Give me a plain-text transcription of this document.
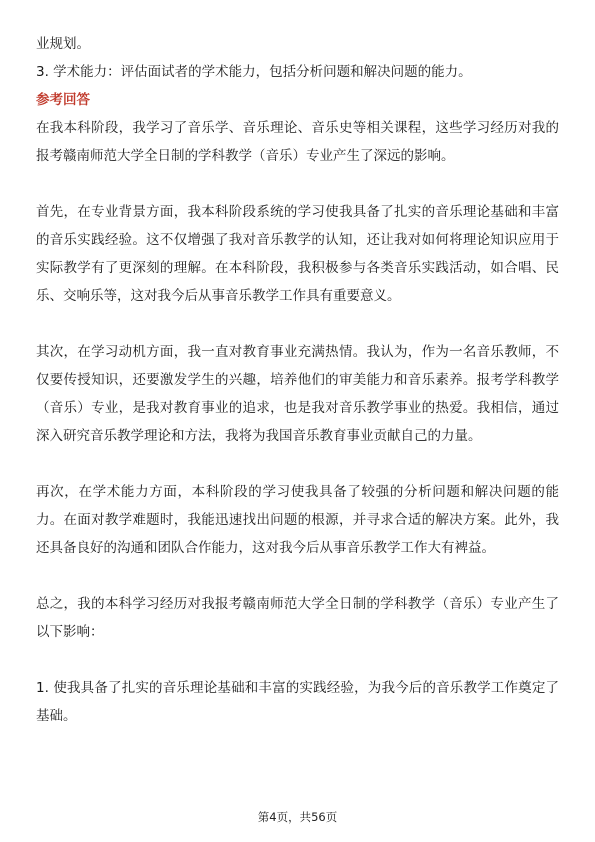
业规划。

3. 学术能力：评估面试者的学术能力，包括分析问题和解决问题的能力。

参考回答

在我本科阶段，我学习了音乐学、音乐理论、音乐史等相关课程，这些学习经历对我的报考赣南师范大学全日制的学科教学（音乐）专业产生了深远的影响。

首先，在专业背景方面，我本科阶段系统的学习使我具备了扎实的音乐理论基础和丰富的音乐实践经验。这不仅增强了我对音乐教学的认知，还让我对如何将理论知识应用于实际教学有了更深刻的理解。在本科阶段，我积极参与各类音乐实践活动，如合唱、民乐、交响乐等，这对我今后从事音乐教学工作具有重要意义。

其次，在学习动机方面，我一直对教育事业充满热情。我认为，作为一名音乐教师，不仅要传授知识，还要激发学生的兴趣，培养他们的审美能力和音乐素养。报考学科教学（音乐）专业，是我对教育事业的追求，也是我对音乐教学事业的热爱。我相信，通过深入研究音乐教学理论和方法，我将为我国音乐教育事业贡献自己的力量。

再次，在学术能力方面，本科阶段的学习使我具备了较强的分析问题和解决问题的能力。在面对教学难题时，我能迅速找出问题的根源，并寻求合适的解决方案。此外，我还具备良好的沟通和团队合作能力，这对我今后从事音乐教学工作大有裨益。

总之，我的本科学习经历对我报考赣南师范大学全日制的学科教学（音乐）专业产生了以下影响：

1. 使我具备了扎实的音乐理论基础和丰富的实践经验，为我今后的音乐教学工作奠定了基础。

第4页，共56页
